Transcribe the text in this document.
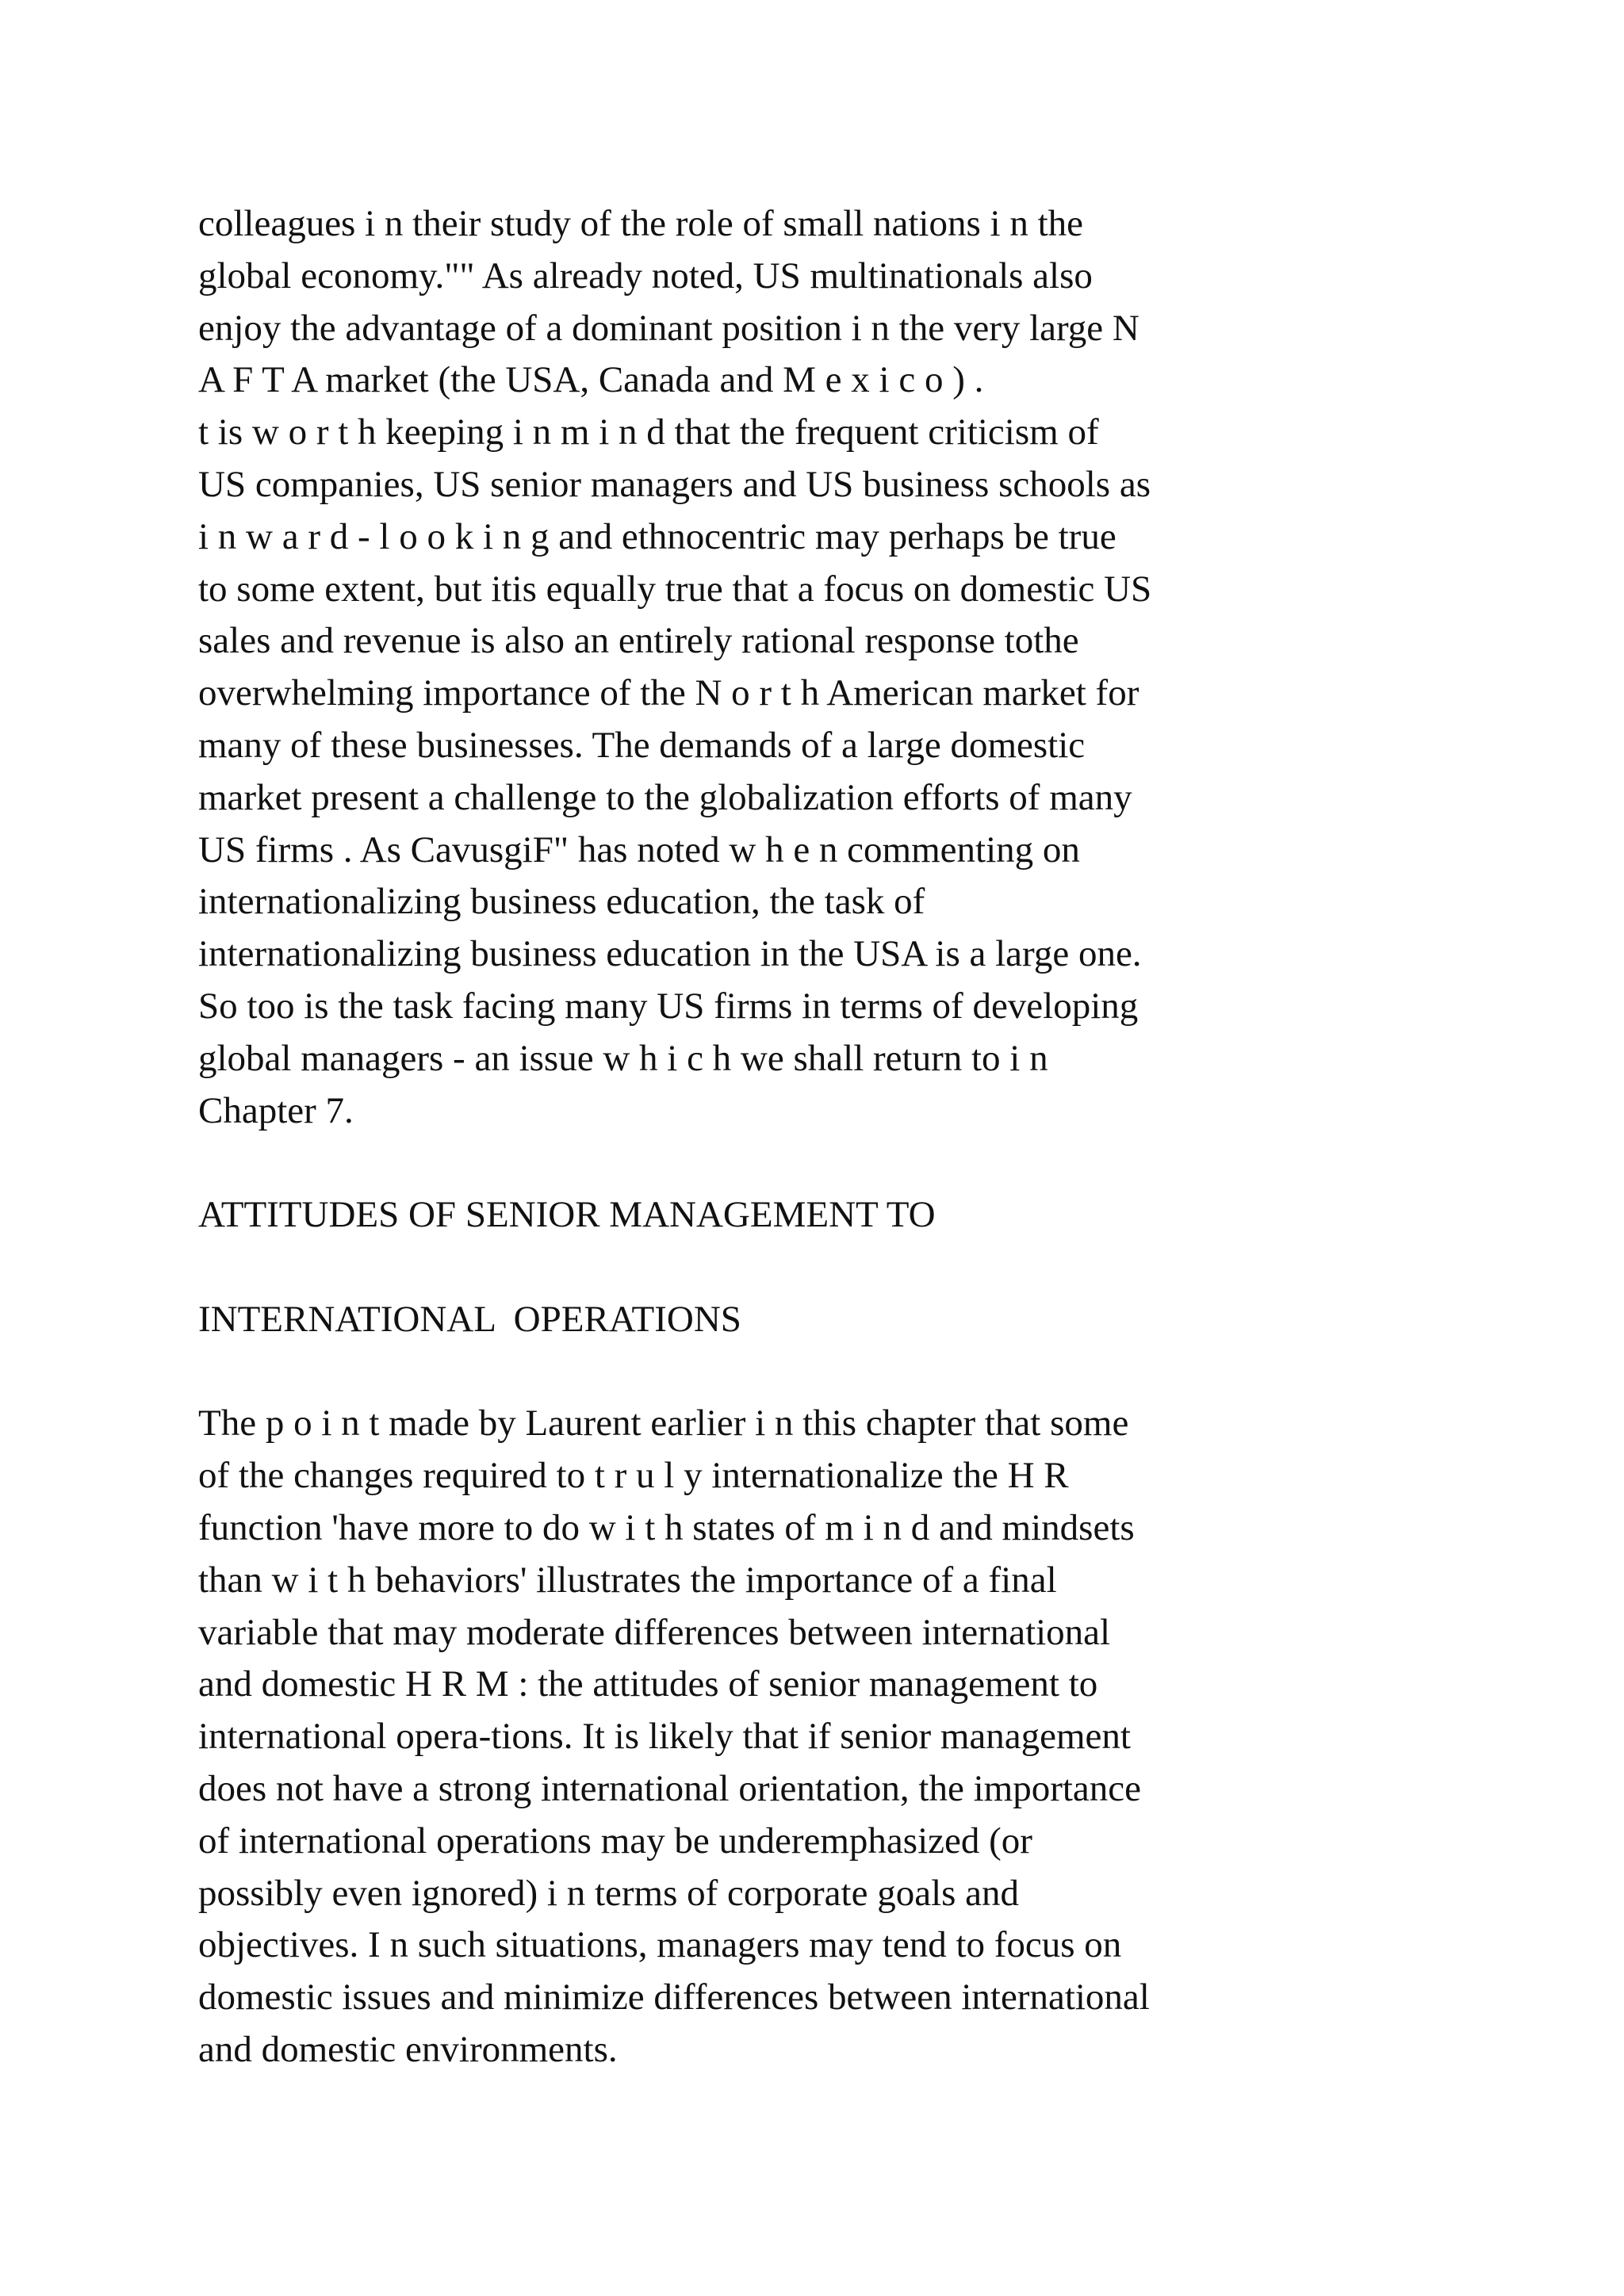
colleagues i n their study of the role of small nations i n the
global economy."" As already noted, US multinationals also
enjoy the advantage of a dominant position i n the very large N
A F T A market (the USA, Canada and M e x i c o ) .
t is w o r t h keeping i n m i n d that the frequent criticism of
US companies, US senior managers and US business schools as
i n w a r d - l o o k i n g and ethnocentric may perhaps be true
to some extent, but itis equally true that a focus on domestic US
sales and revenue is also an entirely rational response tothe
overwhelming importance of the N o r t h American market for
many of these businesses. The demands of a large domestic
market present a challenge to the globalization efforts of many
US firms . As CavusgiF" has noted w h e n commenting on
internationalizing business education, the task of
internationalizing business education in the USA is a large one.
So too is the task facing many US firms in terms of developing
global managers - an issue w h i c h we shall return to i n
Chapter 7.
ATTITUDES OF SENIOR MANAGEMENT TO
INTERNATIONAL  OPERATIONS
The p o i n t made by Laurent earlier i n this chapter that some
of the changes required to t r u l y internationalize the H R
function 'have more to do w i t h states of m i n d and mindsets
than w i t h behaviors' illustrates the importance of a final
variable that may moderate differences between international
and domestic H R M : the attitudes of senior management to
international opera-tions. It is likely that if senior management
does not have a strong international orientation, the importance
of international operations may be underemphasized (or
possibly even ignored) i n terms of corporate goals and
objectives. I n such situations, managers may tend to focus on
domestic issues and minimize differences between international
and domestic environments.
